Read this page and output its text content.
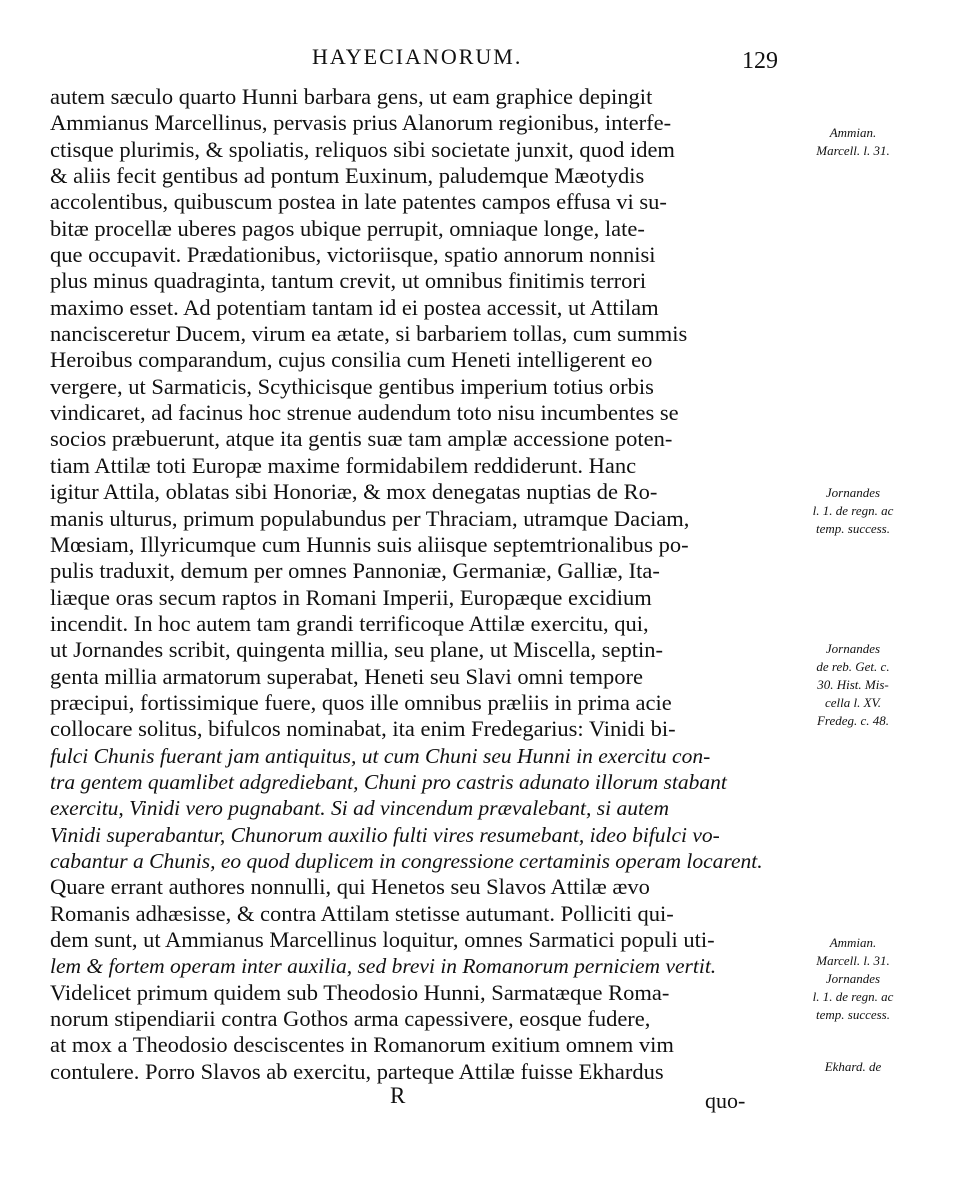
HAYECIANORUM.	129
autem sæculo quarto Hunni barbara gens, ut eam graphice depingit
Ammianus Marcellinus, pervasis prius Alanorum regionibus, interfe-
ctisque plurimis, & spoliatis, reliquos sibi societate junxit, quod idem
& aliis fecit gentibus ad pontum Euxinum, paludemque Mæotydis
accolentibus, quibuscum postea in late patentes campos effusa vi su-
bitæ procellæ uberes pagos ubique perrupit, omniaque longe, late-
que occupavit. Prædationibus, victoriisque, spatio annorum nonnisi
plus minus quadraginta, tantum crevit, ut omnibus finitimis terrori
maximo esset. Ad potentiam tantam id ei postea accessit, ut Attilam
nancisceretur Ducem, virum ea ætate, si barbariem tollas, cum summis
Heroibus comparandum, cujus consilia cum Heneti intelligerent eo
vergere, ut Sarmaticis, Scythicisque gentibus imperium totius orbis
vindicaret, ad facinus hoc strenue audendum toto nisu incumbentes se
socios præbuerunt, atque ita gentis suæ tam amplæ accessione poten-
tiam Attilæ toti Europæ maxime formidabilem reddiderunt. Hanc
igitur Attila, oblatas sibi Honoriæ, & mox denegatas nuptias de Ro-
manis ulturus, primum populabundus per Thraciam, utramque Daciam,
Mœsiam, Illyricumque cum Hunnis suis aliisque septemtrionalibus po-
pulis traduxit, demum per omnes Pannoniæ, Germaniæ, Galliæ, Ita-
liæque oras secum raptos in Romani Imperii, Europæque excidium
incendit. In hoc autem tam grandi terrificoque Attilæ exercitu, qui,
ut Jornandes scribit, quingenta millia, seu plane, ut Miscella, septin-
genta millia armatorum superabat, Heneti seu Slavi omni tempore
præcipui, fortissimique fuere, quos ille omnibus præliis in prima acie
collocare solitus, bifulcos nominabat, ita enim Fredegarius: Vinidi bi-
fulci Chunis fuerant jam antiquitus, ut cum Chuni seu Hunni in exercitu con-
tra gentem quamlibet adgrediebant, Chuni pro castris adunato illorum stabant
exercitu, Vinidi vero pugnabant. Si ad vincendum prævalebant, si autem
Vinidi superabantur, Chunorum auxilio fulti vires resumebant, ideo bifulci vo-
cabantur a Chunis, eo quod duplicem in congressione certaminis operam locarent.
Quare errant authores nonnulli, qui Henetos seu Slavos Attilæ ævo
Romanis adhæsisse, & contra Attilam stetisse autumant. Polliciti qui-
dem sunt, ut Ammianus Marcellinus loquitur, omnes Sarmatici populi uti-
lem & fortem operam inter auxilia, sed brevi in Romanorum perniciem vertit.
Videlicet primum quidem sub Theodosio Hunni, Sarmatæque Roma-
norum stipendiarii contra Gothos arma capessivere, eosque fudere,
at mox a Theodosio desciscentes in Romanorum exitium omnem vim
contulere. Porro Slavos ab exercitu, parteque Attilæ fuisse Ekhardus
Ammian.
Marcell. l. 31.
Jornandes
l. 1. de regn. ac
temp. success.
Jornandes
de reb. Get. c.
30. Hist. Mis-
cella l. XV.
Fredeg. c. 48.
Ammian.
Marcell. l. 31.
Jornandes
l. 1. de regn. ac
temp. success.
Ekhard. de
R	quo-
